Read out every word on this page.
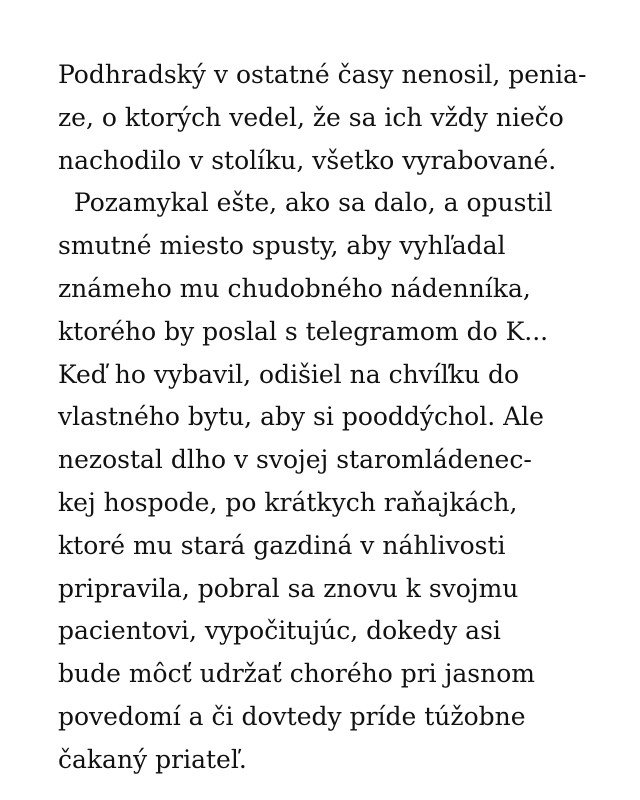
Podhradský v ostatné časy nenosil, penia-
ze, o ktorých vedel, že sa ich vždy niečo
nachodilo v stolíku, všetko vyrabované.
Pozamykal ešte, ako sa dalo, a opustil
smutné miesto spusty, aby vyhľadal
známeho mu chudobného nádenníka,
ktorého by poslal s telegramom do K...
Keď ho vybavil, odišiel na chvíľku do
vlastného bytu, aby si pooddýchol. Ale
nezostal dlho v svojej staromládenec-
kej hospode, po krátkych raňajkách,
ktoré mu stará gazdiná v náhlivosti
pripravila, pobral sa znovu k svojmu
pacientovi, vypočitujúc, dokedy asi
bude môcť udržať chorého pri jasnom
povedomí a či dovtedy príde túžobne
čakaný priateľ.
